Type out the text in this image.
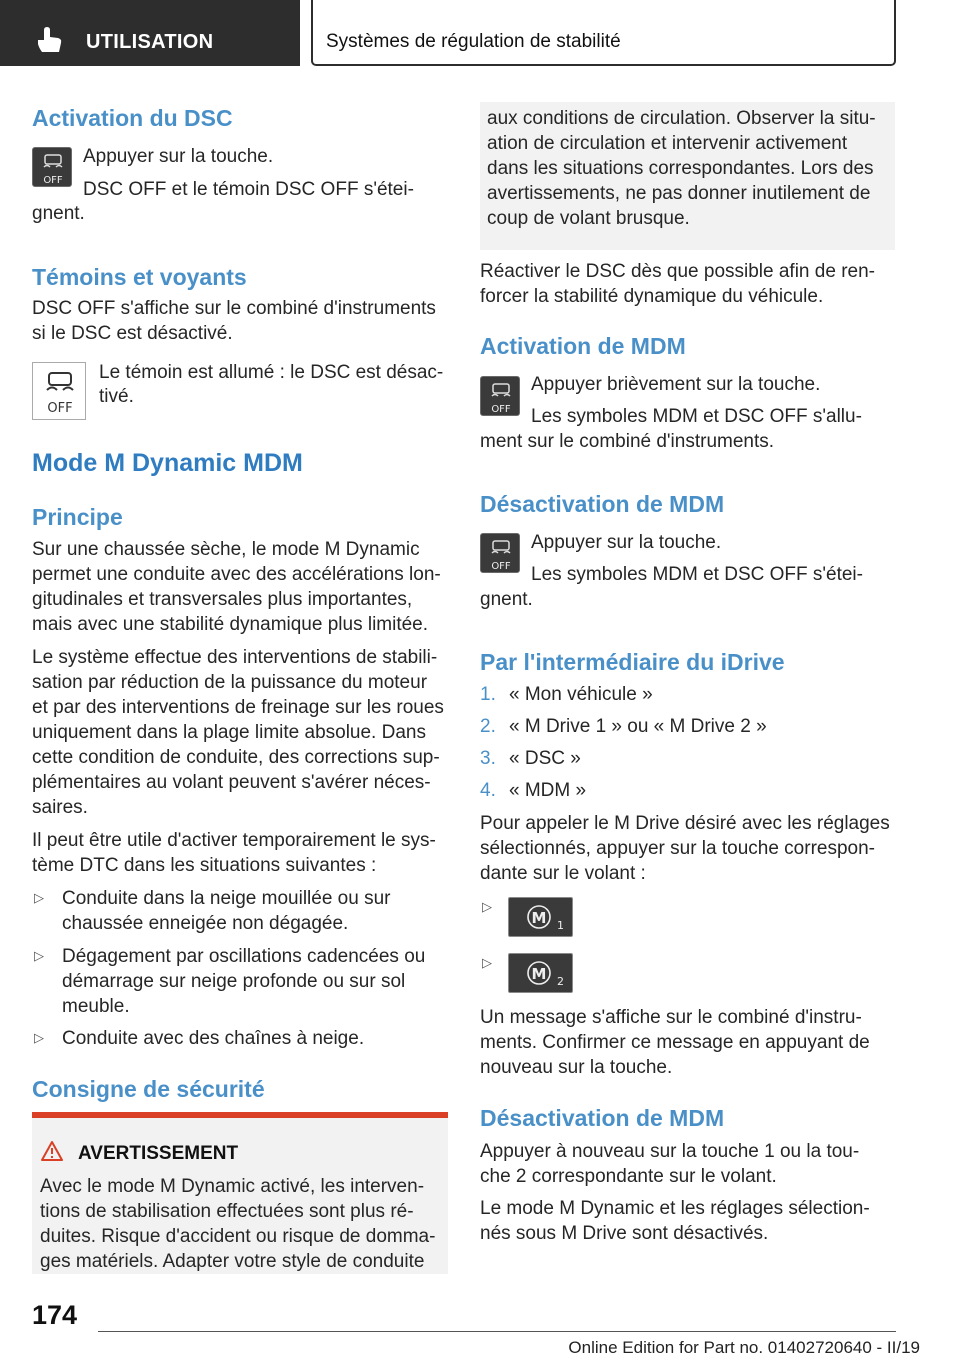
UTILISATION	Systèmes de régulation de stabilité
Activation du DSC
OFF
Appuyer sur la touche.
DSC OFF et le témoin DSC OFF s'étei‐
gnent.
Témoins et voyants
DSC OFF s'affiche sur le combiné d'instruments
si le DSC est désactivé.
OFF
Le témoin est allumé : le DSC est désac‐
tivé.
Mode M Dynamic MDM
Principe
Sur une chaussée sèche, le mode M Dynamic
permet une conduite avec des accélérations lon‐
gitudinales et transversales plus importantes,
mais avec une stabilité dynamique plus limitée.
Le système effectue des interventions de stabili‐
sation par réduction de la puissance du moteur
et par des interventions de freinage sur les roues
uniquement dans la plage limite absolue. Dans
cette condition de conduite, des corrections sup‐
plémentaires au volant peuvent s'avérer néces‐
saires.
Il peut être utile d'activer temporairement le sys‐
tème DTC dans les situations suivantes :
▷ Conduite dans la neige mouillée ou sur
chaussée enneigée non dégagée.
▷ Dégagement par oscillations cadencées ou
démarrage sur neige profonde ou sur sol
meuble.
▷ Conduite avec des chaînes à neige.
Consigne de sécurité
AVERTISSEMENT
Avec le mode M Dynamic activé, les interven‐
tions de stabilisation effectuées sont plus ré‐
duites. Risque d'accident ou risque de domma‐
ges matériels. Adapter votre style de conduite
aux conditions de circulation. Observer la situ‐
ation de circulation et intervenir activement
dans les situations correspondantes. Lors des
avertissements, ne pas donner inutilement de
coup de volant brusque.
Réactiver le DSC dès que possible afin de ren‐
forcer la stabilité dynamique du véhicule.
Activation de MDM
OFF
Appuyer brièvement sur la touche.
Les symboles MDM et DSC OFF s'allu‐
ment sur le combiné d'instruments.
Désactivation de MDM
OFF
Appuyer sur la touche.
Les symboles MDM et DSC OFF s'étei‐
gnent.
Par l'intermédiaire du iDrive
1. « Mon véhicule »
2. « M Drive 1 » ou « M Drive 2 »
3. « DSC »
4. « MDM »
Pour appeler le M Drive désiré avec les réglages
sélectionnés, appuyer sur la touche correspon‐
dante sur le volant :
▷
M 1
▷
M 2
Un message s'affiche sur le combiné d'instru‐
ments. Confirmer ce message en appuyant de
nouveau sur la touche.
Désactivation de MDM
Appuyer à nouveau sur la touche 1 ou la tou‐
che 2 correspondante sur le volant.
Le mode M Dynamic et les réglages sélection‐
nés sous M Drive sont désactivés.
174
Online Edition for Part no. 01402720640 - II/19
